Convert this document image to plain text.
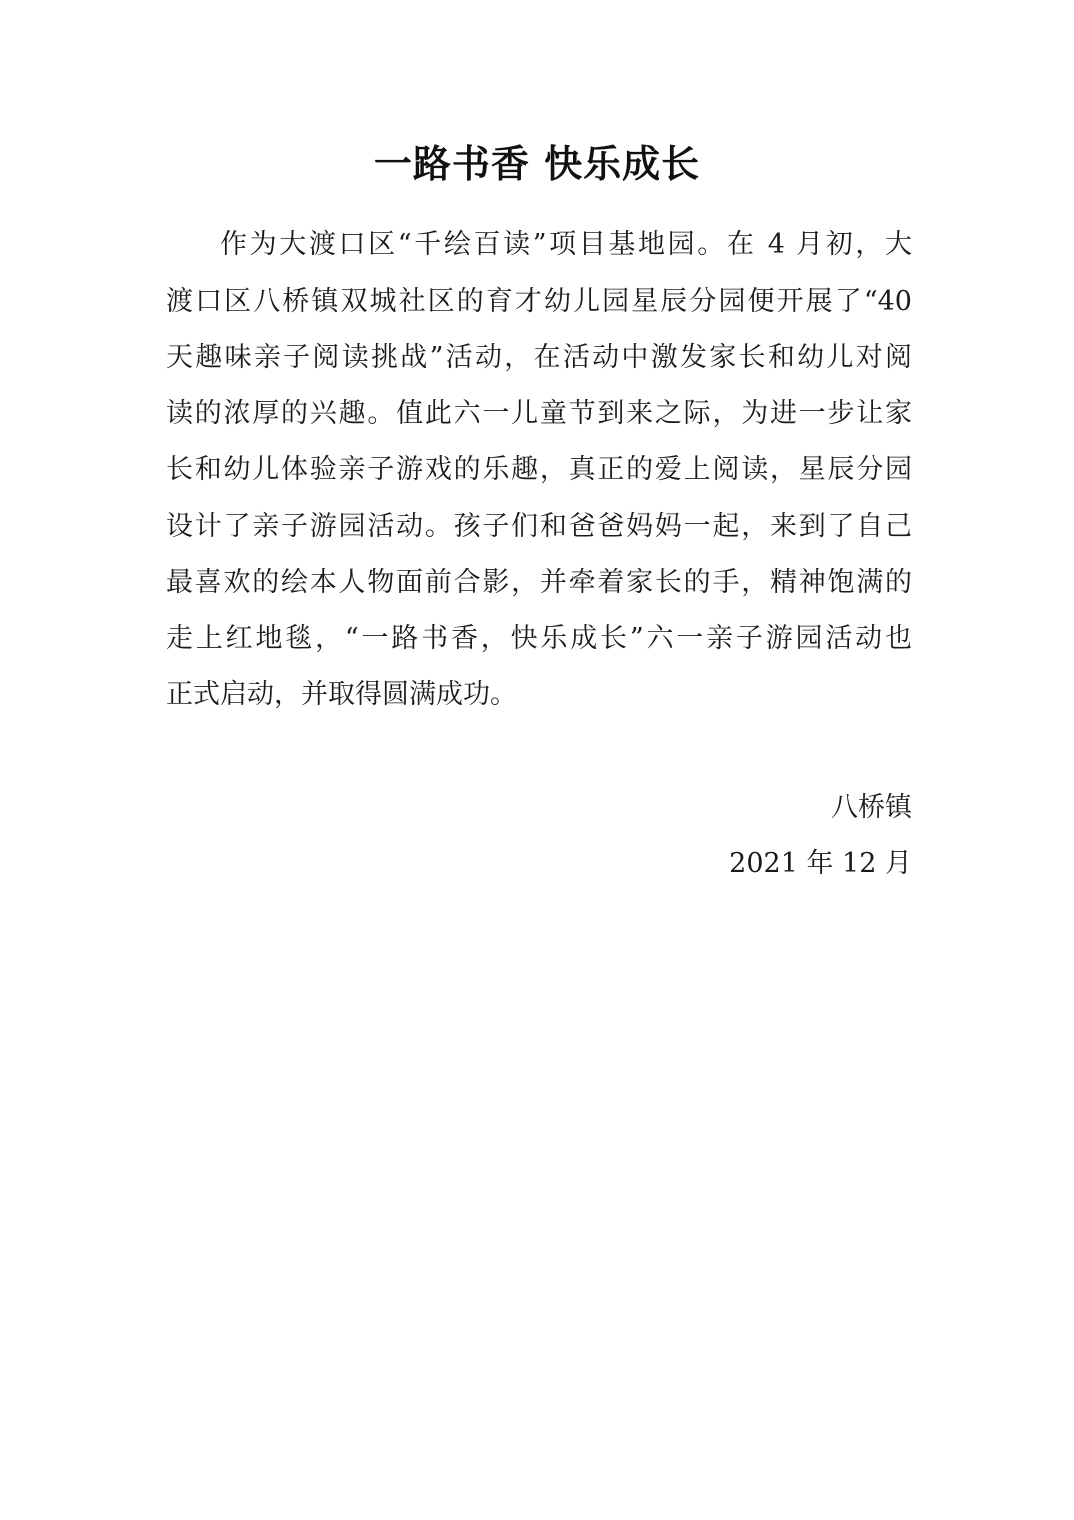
一路书香 快乐成长
作为大渡口区“千绘百读”项目基地园。在 4 月初，大
渡口区八桥镇双城社区的育才幼儿园星辰分园便开展了“40
天趣味亲子阅读挑战”活动，在活动中激发家长和幼儿对阅
读的浓厚的兴趣。值此六一儿童节到来之际，为进一步让家
长和幼儿体验亲子游戏的乐趣，真正的爱上阅读，星辰分园
设计了亲子游园活动。孩子们和爸爸妈妈一起，来到了自己
最喜欢的绘本人物面前合影，并牵着家长的手，精神饱满的
走上红地毯，“一路书香，快乐成长”六一亲子游园活动也
正式启动，并取得圆满成功。
八桥镇
2021 年 12 月
